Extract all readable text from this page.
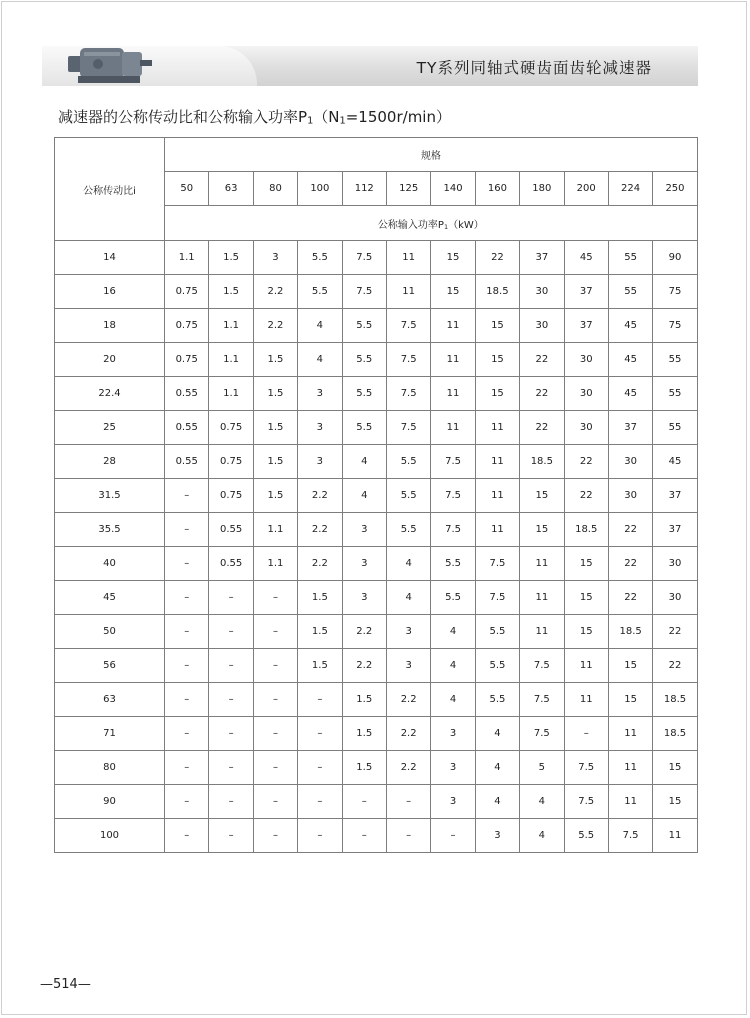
TY系列同轴式硬齿面齿轮减速器
减速器的公称传动比和公称输入功率$P_1(N_1=1500r/\min)$
公称传动比i	规格											
	50	63	80	100	112	125	140	160	180	200	224	250
	公称输入功率$P_1(kW)$											
14	1.1	1.5	3	5.5	7.5	11	15	22	37	45	55	90
16	0.75	1.5	2.2	5.5	7.5	11	15	18.5	30	37	55	75
18	0.75	1.1	2.2	4	5.5	7.5	11	15	30	37	45	75
20	0.75	1.1	1.5	4	5.5	7.5	11	15	22	30	45	55
22.4	0.55	1.1	1.5	3	5.5	7.5	11	15	22	30	45	55
25	0.55	0.75	1.5	3	5.5	7.5	11	11	22	30	37	55
28	0.55	0.75	1.5	3	4	5.5	7.5	11	18.5	22	30	45
31.5	–	0.75	1.5	2.2	4	5.5	7.5	11	15	22	30	37
35.5	–	0.55	1.1	2.2	3	5.5	7.5	11	15	18.5	22	37
40	–	0.55	1.1	2.2	3	4	5.5	7.5	11	15	22	30
45	–	–	–	1.5	3	4	5.5	7.5	11	15	22	30
50	–	–	–	1.5	2.2	3	4	5.5	11	15	18.5	22
56	–	–	–	1.5	2.2	3	4	5.5	7.5	11	15	22
63	–	–	–	–	1.5	2.2	4	5.5	7.5	11	15	18.5
71	–	–	–	–	1.5	2.2	3	4	7.5	–	11	18.5
80	–	–	–	–	1.5	2.2	3	4	5	7.5	11	15
90	–	–	–	–	–	–	3	4	4	7.5	11	15
100	–	–	–	–	–	–	–	3	4	5.5	7.5	11
—514—
